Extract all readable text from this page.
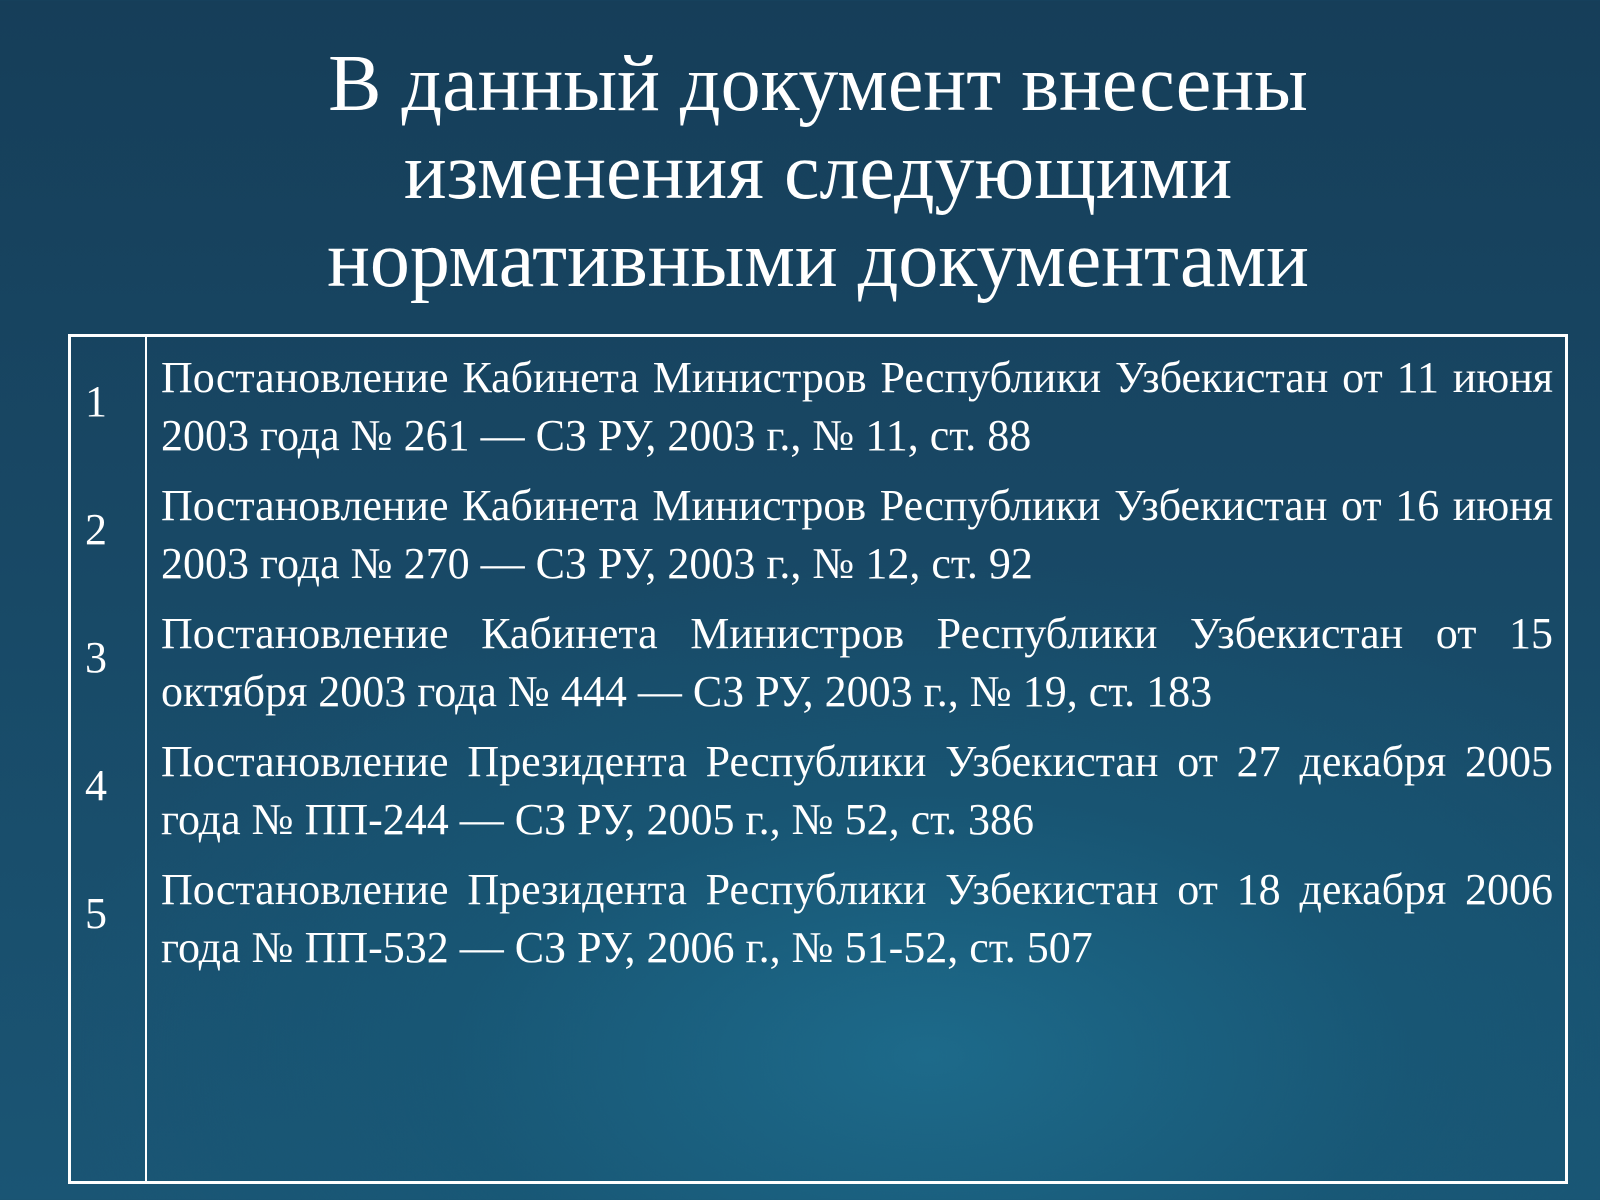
В данный документ внесены
изменения следующими
нормативными документами
1	Постановление Кабинета Министров Республики Узбекистан от 11 июня 2003 года № 261 — СЗ РУ, 2003 г., № 11, ст. 88
2	Постановление Кабинета Министров Республики Узбекистан от 16 июня 2003 года № 270 — СЗ РУ, 2003 г., № 12, ст. 92
3	Постановление Кабинета Министров Республики Узбекистан от 15 октября 2003 года № 444 — СЗ РУ, 2003 г., № 19, ст. 183
4	Постановление Президента Республики Узбекистан от 27 декабря 2005 года № ПП-244 — СЗ РУ, 2005 г., № 52, ст. 386
5	Постановление Президента Республики Узбекистан от 18 декабря 2006 года № ПП-532 — СЗ РУ, 2006 г., № 51-52, ст. 507
